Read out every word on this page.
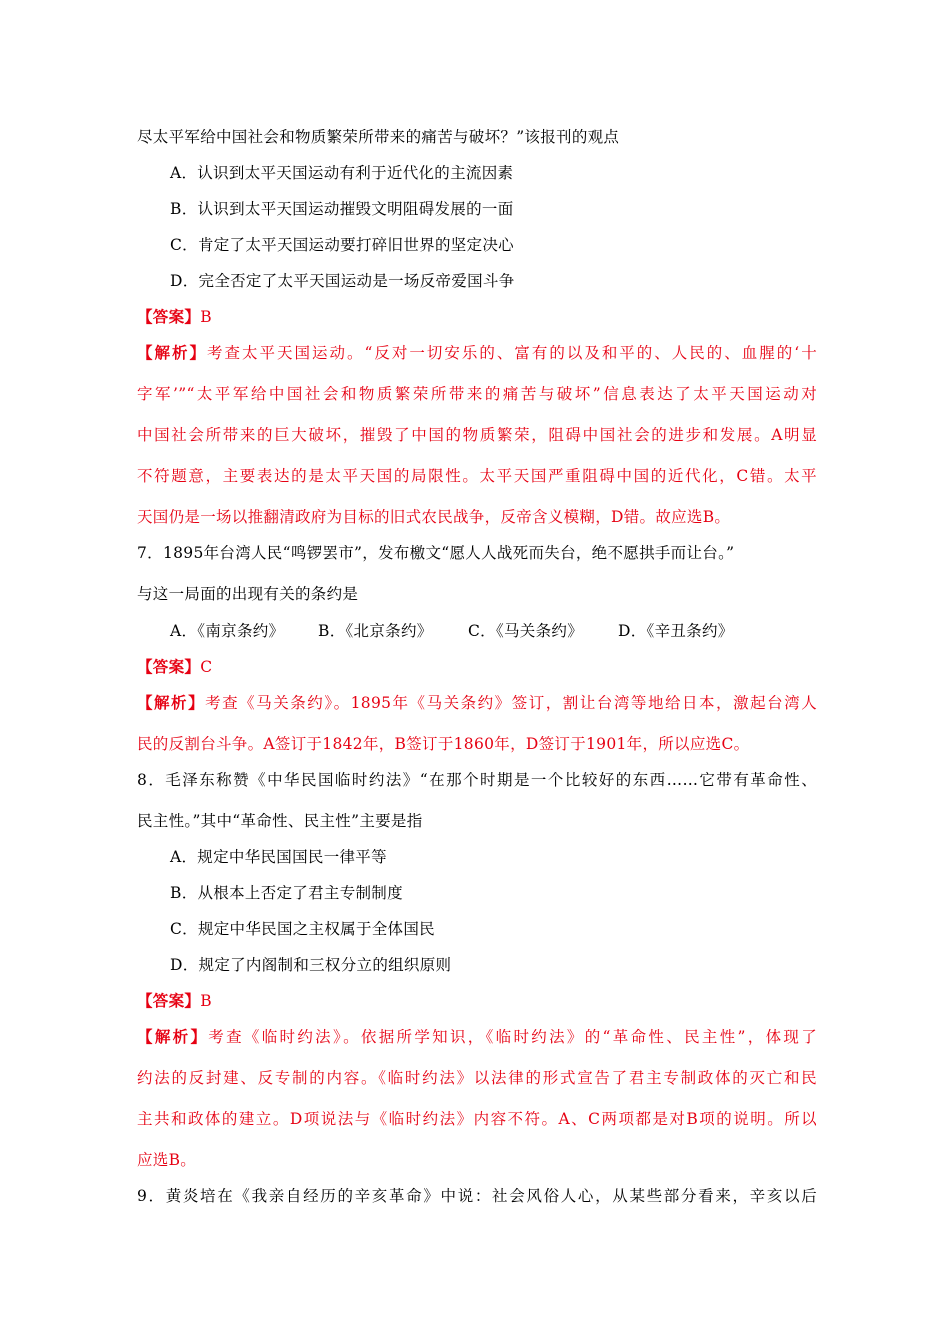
尽太平军给中国社会和物质繁荣所带来的痛苦与破坏？”该报刊的观点
A．认识到太平天国运动有利于近代化的主流因素
B．认识到太平天国运动摧毁文明阻碍发展的一面
C．肯定了太平天国运动要打碎旧世界的坚定决心
D．完全否定了太平天国运动是一场反帝爱国斗争
【答案】B
【解析】考查太平天国运动。“反对一切安乐的、富有的以及和平的、人民的、血腥的‘十
字军’”“太平军给中国社会和物质繁荣所带来的痛苦与破坏”信息表达了太平天国运动对
中国社会所带来的巨大破坏，摧毁了中国的物质繁荣，阻碍中国社会的进步和发展。A明显
不符题意，主要表达的是太平天国的局限性。太平天国严重阻碍中国的近代化，C错。太平
天国仍是一场以推翻清政府为目标的旧式农民战争，反帝含义模糊，D错。故应选B。
7．1895年台湾人民“鸣锣罢市”，发布檄文“愿人人战死而失台，绝不愿拱手而让台。”
与这一局面的出现有关的条约是
A．《南京条约》 B．《北京条约》 C．《马关条约》 D．《辛丑条约》
【答案】C
【解析】考查《马关条约》。1895年《马关条约》签订，割让台湾等地给日本，激起台湾人
民的反割台斗争。A签订于1842年，B签订于1860年，D签订于1901年，所以应选C。
8．毛泽东称赞《中华民国临时约法》“在那个时期是一个比较好的东西……它带有革命性、
民主性。”其中“革命性、民主性”主要是指
A．规定中华民国国民一律平等
B．从根本上否定了君主专制制度
C．规定中华民国之主权属于全体国民
D．规定了内阁制和三权分立的组织原则
【答案】B
【解析】考查《临时约法》。依据所学知识，《临时约法》的“革命性、民主性”，体现了
约法的反封建、反专制的内容。《临时约法》以法律的形式宣告了君主专制政体的灭亡和民
主共和政体的建立。D项说法与《临时约法》内容不符。A、C两项都是对B项的说明。所以
应选B。
9．黄炎培在《我亲自经历的辛亥革命》中说：社会风俗人心，从某些部分看来，辛亥以后
